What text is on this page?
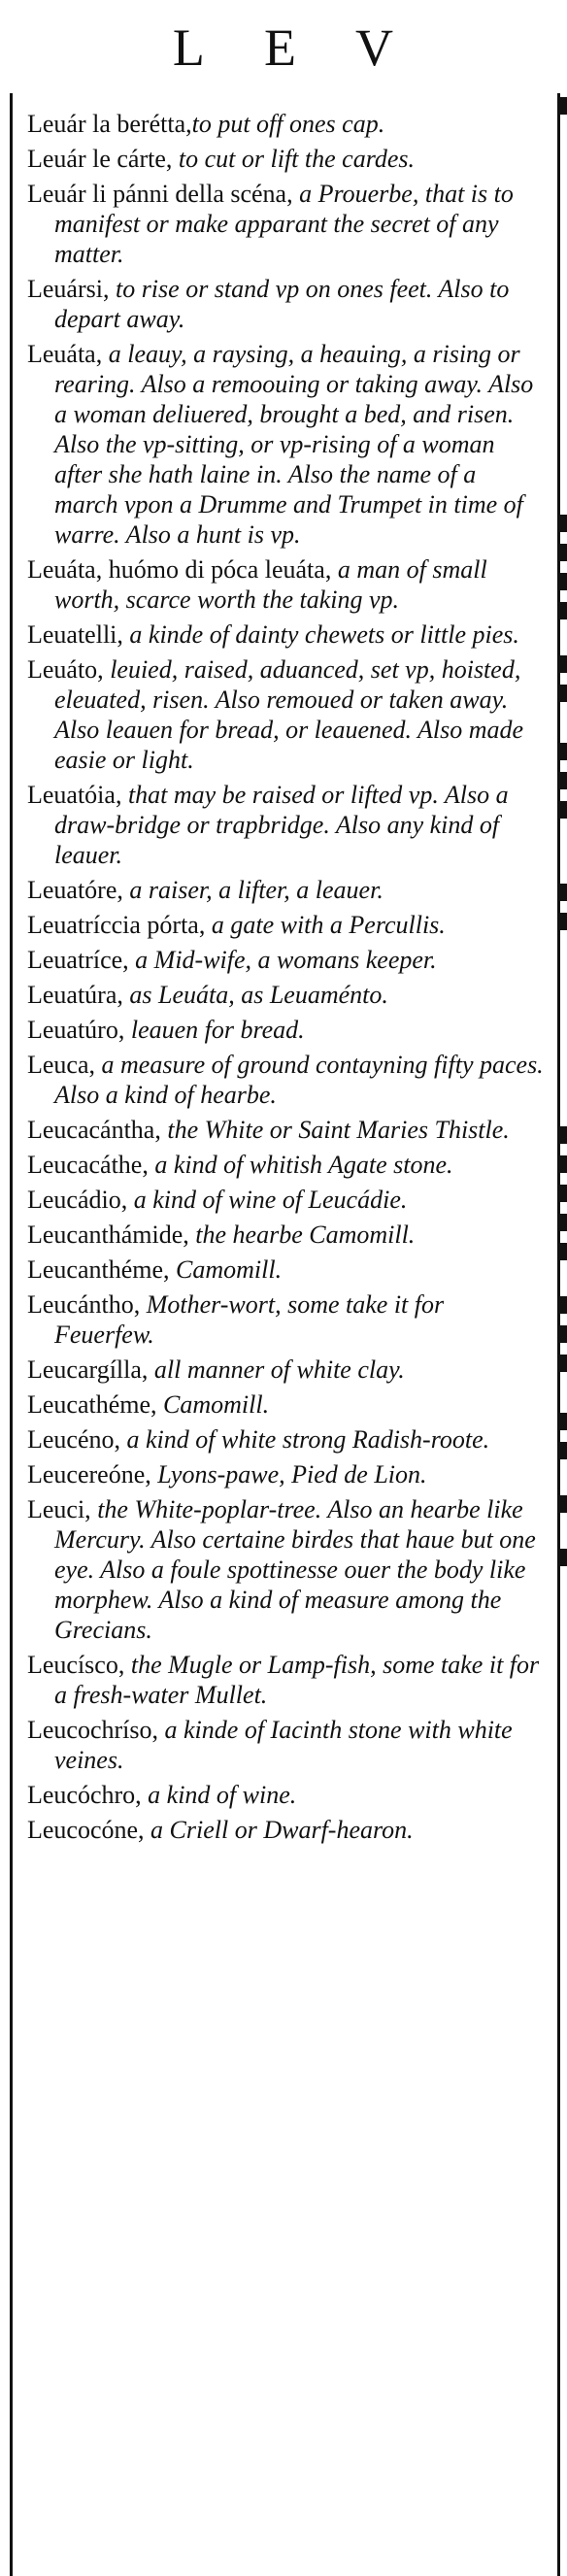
L E V

Leuár la berétta,to put off ones cap.

Leuár le cárte, to cut or lift the cardes.

Leuár li pánni della scéna, a Prouerbe, that is to manifest or make apparant the secret of any matter.

Leuársi, to rise or stand vp on ones feet. Also to depart away.

Leuáta, a leauy, a raysing, a heauing, a rising or rearing. Also a remoouing or taking away. Also a woman deliuered, brought a bed, and risen. Also the vp-sitting, or vp-rising of a woman after she hath laine in. Also the name of a march vpon a Drumme and Trumpet in time of warre. Also a hunt is vp.

Leuáta, huómo di póca leuáta, a man of small worth, scarce worth the taking vp.

Leuatelli, a kinde of dainty chewets or little pies.

Leuáto, leuied, raised, aduanced, set vp, hoisted, eleuated, risen. Also remoued or taken away. Also leauen for bread, or leauened. Also made easie or light.

Leuatóia, that may be raised or lifted vp. Also a draw-bridge or trapbridge. Also any kind of leauer.

Leuatóre, a raiser, a lifter, a leauer.

Leuatríccia pórta, a gate with a Percullis.

Leuatríce, a Mid-wife, a womans keeper.

Leuatúra, as Leuáta, as Leuaménto.

Leuatúro, leauen for bread.

Leuca, a measure of ground contayning fifty paces. Also a kind of hearbe.

Leucacántha, the White or Saint Maries Thistle.

Leucacáthe, a kind of whitish Agate stone.

Leucádio, a kind of wine of Leucádie.

Leucanthámide, the hearbe Camomill.

Leucanthéme, Camomill.

Leucántho, Mother-wort, some take it for Feuerfew.

Leucargílla, all manner of white clay.

Leucathéme, Camomill.

Leucéno, a kind of white strong Radish-roote.

Leucereóne, Lyons-pawe, Pied de Lion.

Leuci, the White-poplar-tree. Also an hearbe like Mercury. Also certaine birdes that haue but one eye. Also a foule spottinesse ouer the body like morphew. Also a kind of measure among the Grecians.

Leucísco, the Mugle or Lamp-fish, some take it for a fresh-water Mullet.

Leucochríso, a kinde of Iacinth stone with white veines.

Leucóchro, a kind of wine.

Leucocóne, a Criell or Dwarf-hearon.
